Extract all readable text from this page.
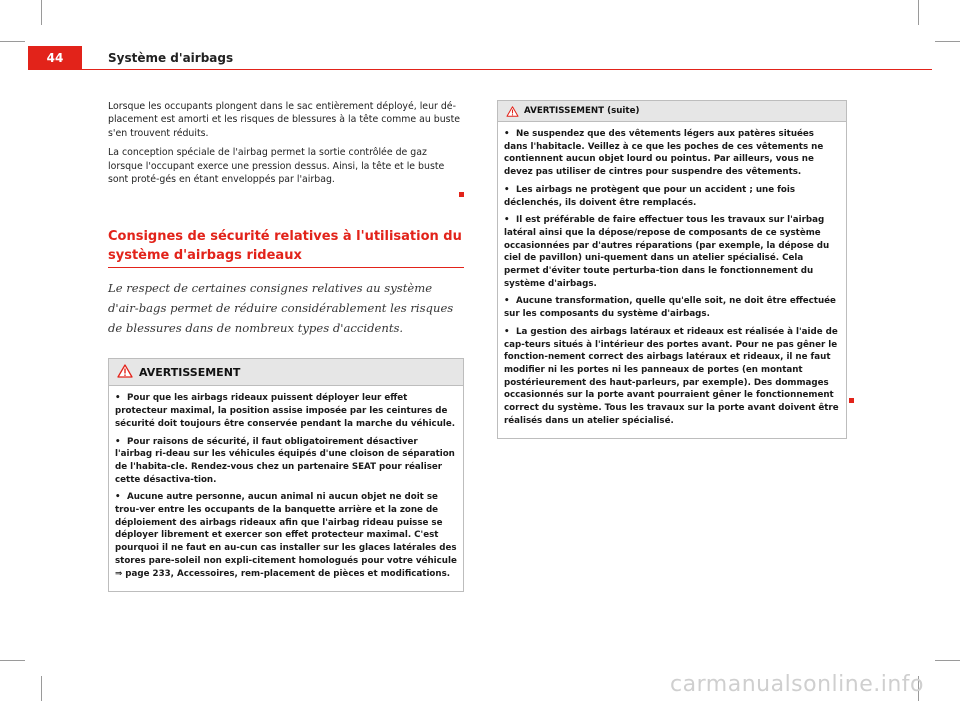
44	Système d'airbags

Lorsque les occupants plongent dans le sac entièrement déployé, leur dé-placement est amorti et les risques de blessures à la tête comme au buste s'en trouvent réduits.

La conception spéciale de l'airbag permet la sortie contrôlée de gaz lorsque l'occupant exerce une pression dessus. Ainsi, la tête et le buste sont proté-gés en étant enveloppés par l'airbag.

Consignes de sécurité relatives à l'utilisation du système d'airbags rideaux

Le respect de certaines consignes relatives au système d'air-bags permet de réduire considérablement les risques de blessures dans de nombreux types d'accidents.

AVERTISSEMENT

• Pour que les airbags rideaux puissent déployer leur effet protecteur maximal, la position assise imposée par les ceintures de sécurité doit toujours être conservée pendant la marche du véhicule.

• Pour raisons de sécurité, il faut obligatoirement désactiver l'airbag ri-deau sur les véhicules équipés d'une cloison de séparation de l'habita-cle. Rendez-vous chez un partenaire SEAT pour réaliser cette désactiva-tion.

• Aucune autre personne, aucun animal ni aucun objet ne doit se trou-ver entre les occupants de la banquette arrière et la zone de déploiement des airbags rideaux afin que l'airbag rideau puisse se déployer librement et exercer son effet protecteur maximal. C'est pourquoi il ne faut en au-cun cas installer sur les glaces latérales des stores pare-soleil non expli-citement homologués pour votre véhicule ⇒ page 233, Accessoires, rem-placement de pièces et modifications.

AVERTISSEMENT (suite)

• Ne suspendez que des vêtements légers aux patères situées dans l'habitacle. Veillez à ce que les poches de ces vêtements ne contiennent aucun objet lourd ou pointus. Par ailleurs, vous ne devez pas utiliser de cintres pour suspendre des vêtements.

• Les airbags ne protègent que pour un accident ; une fois déclenchés, ils doivent être remplacés.

• Il est préférable de faire effectuer tous les travaux sur l'airbag latéral ainsi que la dépose/repose de composants de ce système occasionnées par d'autres réparations (par exemple, la dépose du ciel de pavillon) uni-quement dans un atelier spécialisé. Cela permet d'éviter toute perturba-tion dans le fonctionnement du système d'airbags.

• Aucune transformation, quelle qu'elle soit, ne doit être effectuée sur les composants du système d'airbags.

• La gestion des airbags latéraux et rideaux est réalisée à l'aide de cap-teurs situés à l'intérieur des portes avant. Pour ne pas gêner le fonction-nement correct des airbags latéraux et rideaux, il ne faut modifier ni les portes ni les panneaux de portes (en montant postérieurement des haut-parleurs, par exemple). Des dommages occasionnés sur la porte avant pourraient gêner le fonctionnement correct du système. Tous les travaux sur la porte avant doivent être réalisés dans un atelier spécialisé.

carmanualsonline.info
